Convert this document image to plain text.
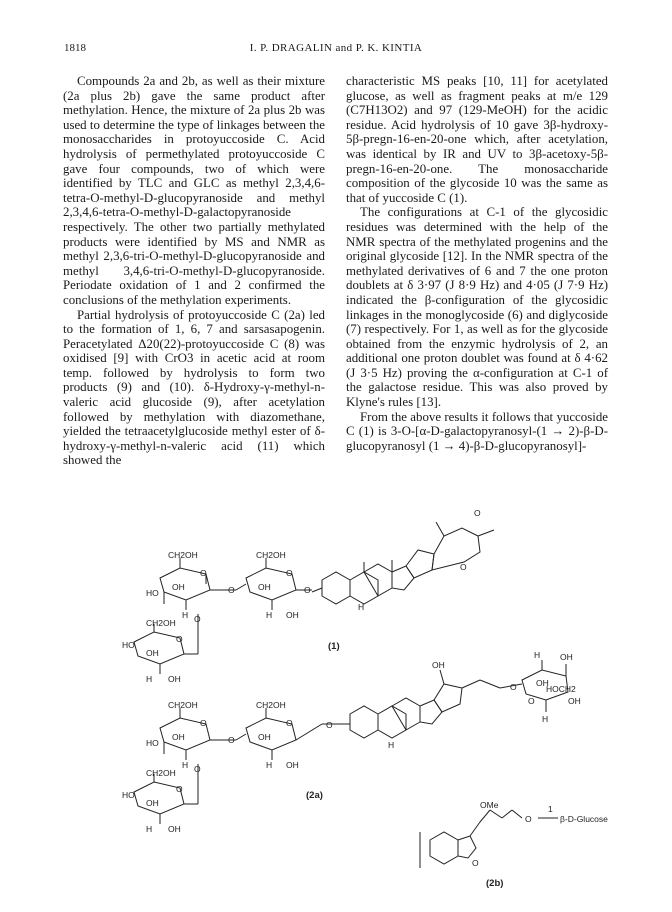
1818	I. P. DRAGALIN and P. K. KINTIA

Compounds 2a and 2b, as well as their mixture (2a plus 2b) gave the same product after methylation. Hence, the mixture of 2a plus 2b was used to determine the type of linkages between the monosaccharides in protoyuccoside C. Acid hydrolysis of permethylated protoyuccoside C gave four compounds, two of which were identified by TLC and GLC as methyl 2,3,4,6-tetra-O-methyl-D-glucopyranoside and methyl 2,3,4,6-tetra-O-methyl-D-galactopyranoside respectively. The other two partially methylated products were identified by MS and NMR as methyl 2,3,6-tri-O-methyl-D-glucopyranoside and methyl 3,4,6-tri-O-methyl-D-glucopyranoside. Periodate oxidation of 1 and 2 confirmed the conclusions of the methylation experiments.

Partial hydrolysis of protoyuccoside C (2a) led to the formation of 1, 6, 7 and sarsasapogenin. Peracetylated Δ20(22)-protoyuccoside C (8) was oxidised [9] with CrO3 in acetic acid at room temp. followed by hydrolysis to form two products (9) and (10). δ-Hydroxy-γ-methyl-n-valeric acid glucoside (9), after acetylation followed by methylation with diazomethane, yielded the tetraacetylglucoside methyl ester of δ-hydroxy-γ-methyl-n-valeric acid (11) which showed the

characteristic MS peaks [10, 11] for acetylated glucose, as well as fragment peaks at m/e 129 (C7H13O2) and 97 (129-MeOH) for the acidic residue. Acid hydrolysis of 10 gave 3β-hydroxy-5β-pregn-16-en-20-one which, after acetylation, was identical by IR and UV to 3β-acetoxy-5β-pregn-16-en-20-one. The monosaccharide composition of the glycoside 10 was the same as that of yuccoside C (1).

The configurations at C-1 of the glycosidic residues was determined with the help of the NMR spectra of the methylated progenins and the original glycoside [12]. In the NMR spectra of the methylated derivatives of 6 and 7 the one proton doublets at δ 3·97 (J 8·9 Hz) and 4·05 (J 7·9 Hz) indicated the β-configuration of the glycosidic linkages in the monoglycoside (6) and diglycoside (7) respectively. For 1, as well as for the glycoside obtained from the enzymic hydrolysis of 2, an additional one proton doublet was found at δ 4·62 (J 3·5 Hz) proving the α-configuration at C-1 of the galactose residue. This was also proved by Klyne's rules [13].

From the above results it follows that yuccoside C (1) is 3-O-[α-D-galactopyranosyl-(1 → 2)-β-D-glucopyranosyl (1 → 4)-β-D-glucopyranosyl]-

CH2OH	CH2OH
O	O
OH	OH
HO
H	H OH
O	O
CH2OH O
O
HO
OH
H OH
H
O
O
CH2OH	CH2OH
O	O
OH	OH
HO
H	H OH
O
O
CH2OH O
O
HO
OH
H OH
H
OH
H OH
OH
HOCH2
O	OH
H
O
OMe
O
1
β-D-Glucose
O
(1)
(2a)
(2b)
